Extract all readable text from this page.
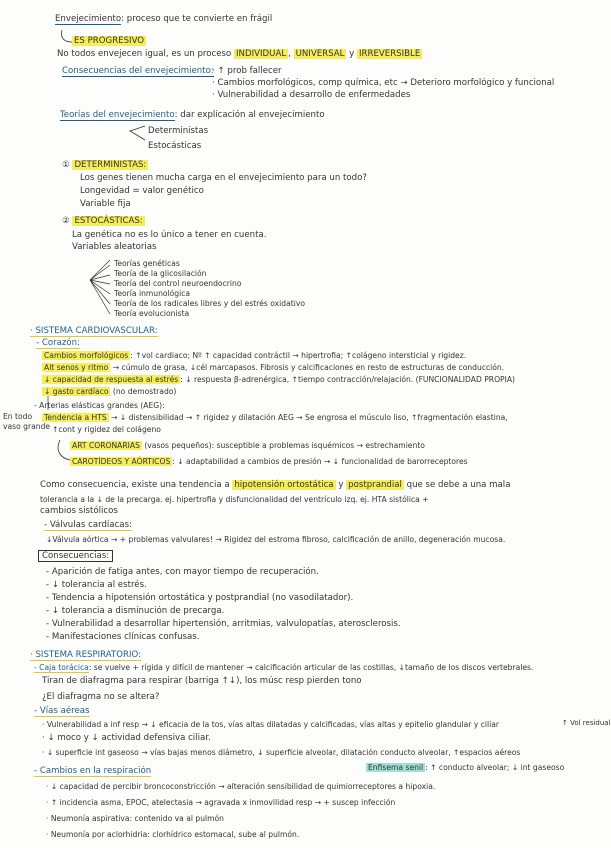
Envejecimiento: proceso que te convierte en frágil
ES PROGRESIVO
No todos envejecen igual, es un proceso INDIVIDUAL , UNIVERSAL y IRREVERSIBLE
Consecuencias del envejecimiento:
· ↑ prob fallecer
· Cambios morfológicos, comp química, etc → Deterioro morfológico y funcional
· Vulnerabilidad a desarrollo de enfermedades
Teorías del envejecimiento: dar explicación al envejecimiento
Deterministas
Estocásticas
① DETERMINISTAS:
Los genes tienen mucha carga en el envejecimiento para un todo?
Longevidad = valor genético
Variable fija
② ESTOCÁSTICAS:
La genética no es lo único a tener en cuenta.
Variables aleatorias
Teorías genéticas
Teoría de la glicosilación
Teoría del control neuroendocrino
Teoría inmunológica
Teoría de los radicales libres y del estrés oxidativo
Teoría evolucionista
· SISTEMA CARDIOVASCULAR:
- Corazón:
Cambios morfológicos : ↑vol cardiaco; Nº ↑ capacidad contráctil → hipertrofia; ↑colágeno intersticial y rigidez.
Alt senos y ritmo → cúmulo de grasa, ↓cél marcapasos. Fibrosis y calcificaciones en resto de estructuras de conducción.
↓ capacidad de respuesta al estrés : ↓ respuesta β-adrenérgica, ↑tiempo contracción/relajación. (FUNCIONALIDAD PROPIA)
↓ gasto cardíaco (no demostrado)
- Arterias elásticas grandes (AEG):
En todo
vaso grande
Tendencia a HTS → ↓ distensibilidad → ↑ rigidez y dilatación AEG → Se engrosa el músculo liso, ↑fragmentación elastina,
↑cont y rigidez del colágeno
ART CORONARIAS (vasos pequeños): susceptible a problemas isquémicos → estrechamiento
CAROTÍDEOS Y AÓRTICOS : ↓ adaptabilidad a cambios de presión → ↓ funcionalidad de barorreceptores
Como consecuencia, existe una tendencia a hipotensión ortostática y postprandial que se debe a una mala
tolerancia a la ↓ de la precarga. ej. hipertrofia y disfuncionalidad del ventrículo izq. ej. HTA sistólica +
cambios sistólicos
- Válvulas cardíacas:
↓Válvula aórtica → + problemas valvulares! → Rigidez del estroma fibroso, calcificación de anillo, degeneración mucosa.
Consecuencias:
- Aparición de fatiga antes, con mayor tiempo de recuperación.
- ↓ tolerancia al estrés.
- Tendencia a hipotensión ortostática y postprandial (no vasodilatador).
- ↓ tolerancia a disminución de precarga.
- Vulnerabilidad a desarrollar hipertensión, arritmias, valvulopatías, aterosclerosis.
- Manifestaciones clínicas confusas.
· SISTEMA RESPIRATORIO:
- Caja torácica: se vuelve + rígida y difícil de mantener → calcificación articular de las costillas, ↓tamaño de los discos vertebrales.
Tiran de diafragma para respirar (barriga ↑↓), los músc resp pierden tono
¿El diafragma no se altera?
- Vías aéreas
↑ Vol residual
· Vulnerabilidad a inf resp → ↓ eficacia de la tos, vías altas dilatadas y calcificadas, vías altas y epitelio glandular y ciliar
· ↓ moco y ↓ actividad defensiva ciliar.
· ↓ superficie int gaseoso → vías bajas menos diámetro, ↓ superficie alveolar, dilatación conducto alveolar, ↑espacios aéreos
Enfisema senil : ↑ conducto alveolar; ↓ int gaseoso
- Cambios en la respiración
· ↓ capacidad de percibir broncoconstricción → alteración sensibilidad de quimiorreceptores a hipoxia.
· ↑ incidencia asma, EPOC, atelectasia → agravada x inmovilidad resp → + suscep infección
· Neumonía aspirativa: contenido va al pulmón
· Neumonía por aclorhidria: clorhídrico estomacal, sube al pulmón.
